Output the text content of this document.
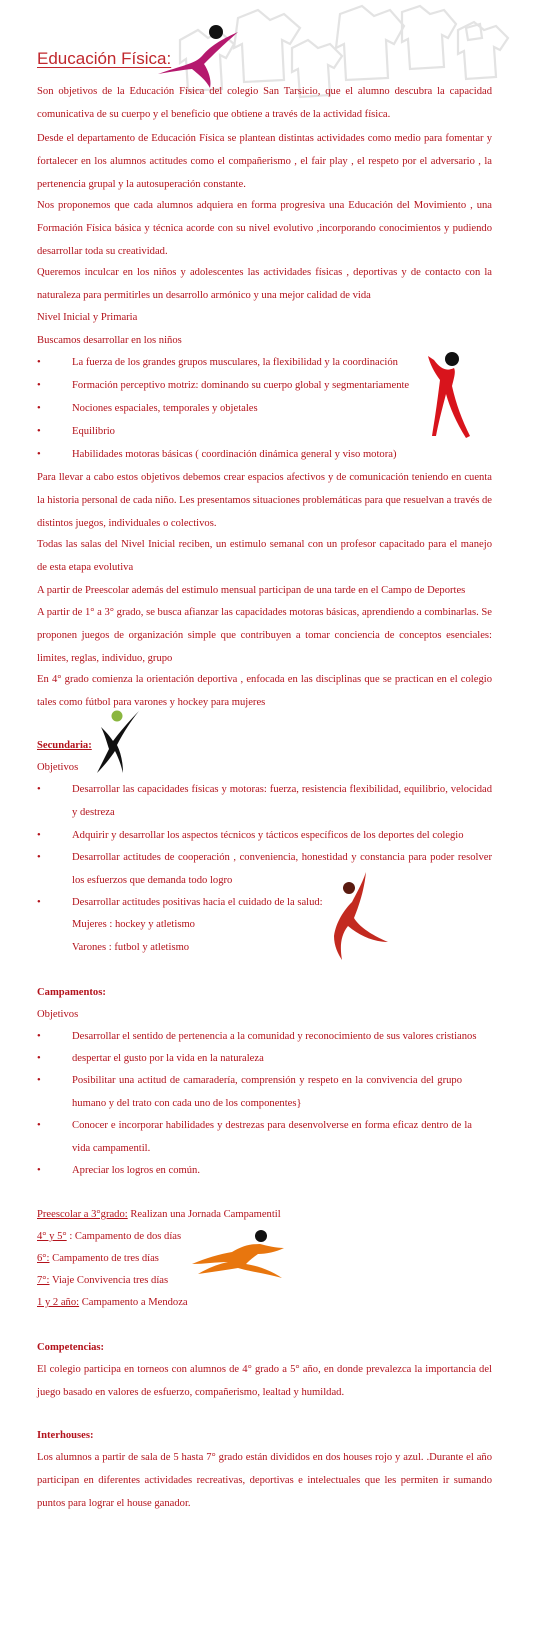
Educación Física:

Son objetivos de la Educación Física del colegio San Tarsicio, que el alumno descubra la capacidad comunicativa de su cuerpo y el beneficio que obtiene a través de la actividad física.

Desde el departamento de Educación Física se plantean distintas actividades como medio para fomentar y fortalecer en los alumnos actitudes como el compañerismo , el fair play , el respeto por el adversario , la pertenencia grupal y la autosuperación constante.

Nos proponemos que cada alumnos adquiera en forma progresiva una Educación del Movimiento , una Formación Física básica y técnica acorde con su nivel evolutivo ,incorporando conocimientos y pudiendo desarrollar toda su creatividad.

Queremos inculcar en los niños y adolescentes las actividades físicas , deportivas y de contacto con la naturaleza para permitirles un desarrollo armónico y una mejor calidad de vida

Nivel Inicial y Primaria

Buscamos desarrollar en los niños

•	La fuerza de los grandes grupos musculares, la flexibilidad y la coordinación
•	Formación perceptivo motriz: dominando su cuerpo global y segmentariamente
•	Nociones espaciales, temporales y objetales
•	Equilibrio
•	Habilidades motoras básicas ( coordinación dinámica general y viso motora)

Para llevar a cabo estos objetivos debemos crear espacios afectivos y de comunicación teniendo en cuenta la historia personal de cada niño. Les presentamos situaciones problemáticas para que resuelvan a través de distintos juegos, individuales o colectivos.

Todas las salas del Nivel Inicial reciben, un estimulo semanal con un profesor capacitado para el manejo de esta etapa evolutiva

A partir de Preescolar además del estimulo mensual participan de una tarde en el Campo de Deportes

A partir de 1° a 3° grado, se busca afianzar las capacidades motoras básicas, aprendiendo a combinarlas. Se proponen juegos de organización simple que contribuyen a tomar conciencia de conceptos esenciales: limites, reglas, individuo, grupo

En 4° grado comienza la orientación deportiva , enfocada en las disciplinas que se practican en el colegio tales como fútbol para varones y hockey para mujeres

Secundaria:

Objetivos

•	Desarrollar las capacidades físicas y motoras: fuerza, resistencia flexibilidad, equilibrio, velocidad y destreza
•	Adquirir y desarrollar los aspectos técnicos y tácticos específicos de los deportes del colegio
•	Desarrollar actitudes de cooperación , conveniencia, honestidad y constancia para poder resolver los esfuerzos que demanda todo logro
•	Desarrollar actitudes positivas hacia el cuidado de la salud:

Mujeres : hockey y atletismo

Varones : futbol y atletismo

Campamentos:

Objetivos

•	Desarrollar el sentido de pertenencia a la comunidad y reconocimiento de sus valores cristianos
•	despertar el gusto por la vida en la naturaleza
•	Posibilitar una actitud de camaradería, comprensión y respeto en la convivencia del grupo humano y del trato con cada uno de los componentes}
•	Conocer e incorporar habilidades y destrezas para desenvolverse en forma eficaz dentro de la vida campamentil.
•	Apreciar los logros en común.

Preescolar a 3°grado: Realizan una Jornada Campamentil

4° y 5° : Campamento de dos días

6°: Campamento de tres días

7°: Viaje Convivencia tres días

1 y 2 año: Campamento a Mendoza

Competencias:

El colegio participa en torneos con alumnos de 4° grado a 5° año, en donde prevalezca la importancia del juego basado en valores de esfuerzo, compañerismo, lealtad y humildad.

Interhouses:

Los alumnos a partir de sala de 5 hasta 7° grado están divididos en dos houses rojo y azul. .Durante el año participan en diferentes actividades recreativas, deportivas e intelectuales que les permiten ir sumando puntos para lograr el house ganador.
